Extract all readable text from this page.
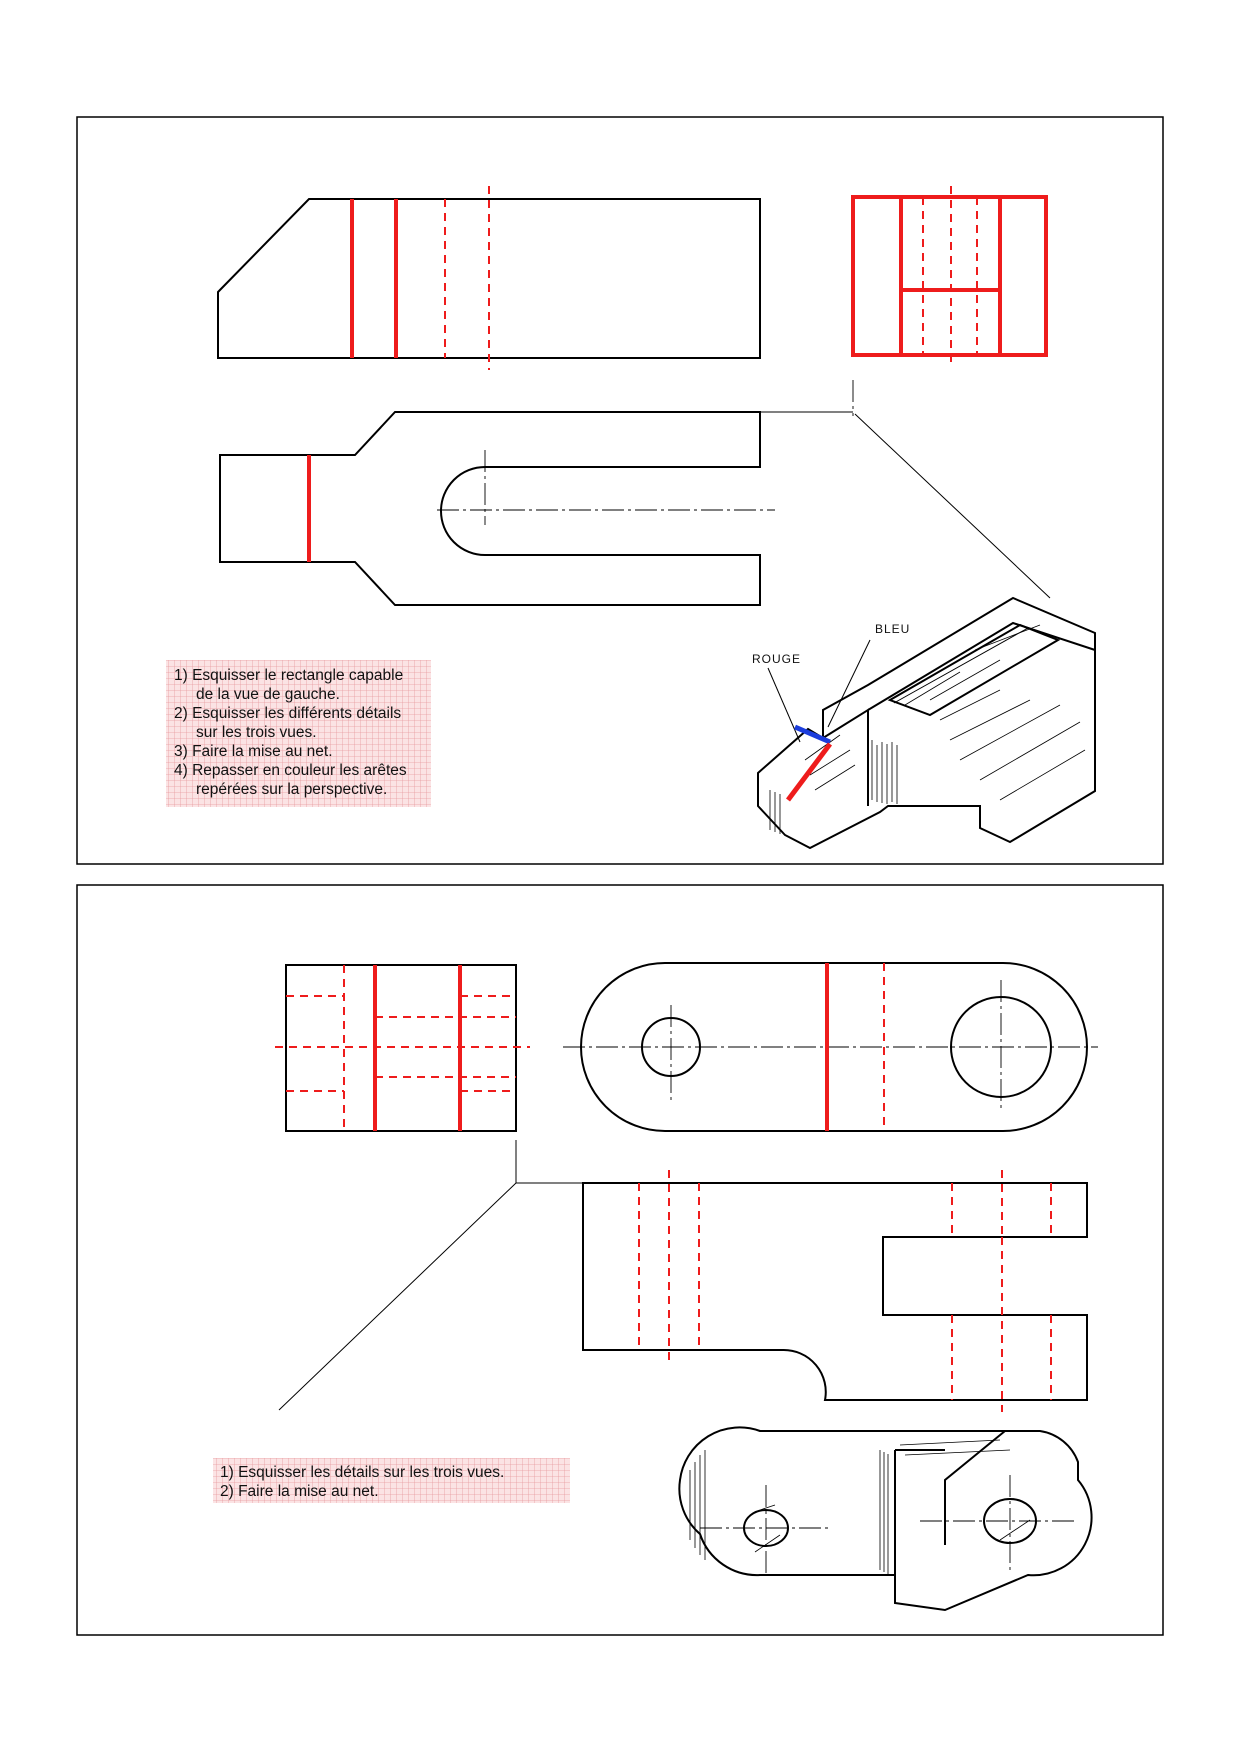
ROUGE
BLEU
1) Esquisser le rectangle capable
de la vue de gauche.
2) Esquisser les différents détails
sur les trois vues.
3) Faire la mise au net.
4) Repasser en couleur les arêtes
repérées sur la perspective.
1) Esquisser les détails sur les trois vues.
2) Faire la mise au net.
